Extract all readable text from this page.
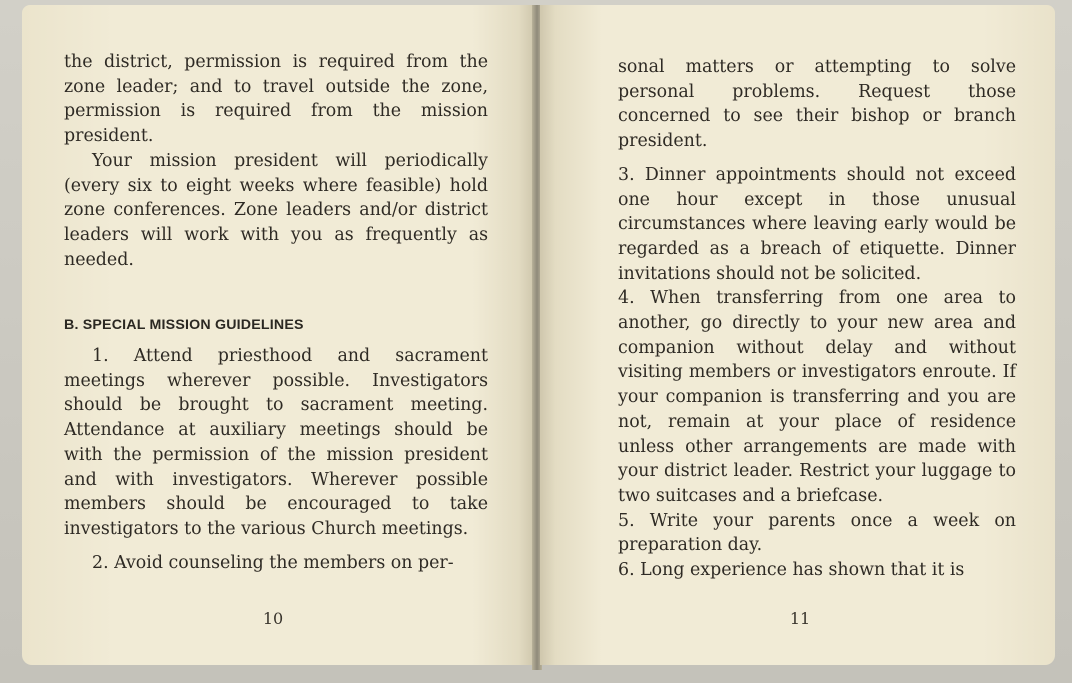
the district, permission is required from the zone leader; and to travel outside the zone, permission is required from the mission president.

Your mission president will periodically (every six to eight weeks where feasible) hold zone conferences. Zone leaders and/or district leaders will work with you as frequently as needed.

B. SPECIAL MISSION GUIDELINES

1. Attend priesthood and sacrament meetings wherever possible. Investigators should be brought to sacrament meeting. Attendance at auxiliary meetings should be with the permission of the mission president and with investigators. Wherever possible members should be encouraged to take investigators to the various Church meetings.

2. Avoid counseling the members on per-

10

sonal matters or attempting to solve personal problems. Request those concerned to see their bishop or branch president.

3. Dinner appointments should not exceed one hour except in those unusual circumstances where leaving early would be regarded as a breach of etiquette. Dinner invitations should not be solicited.

4. When transferring from one area to another, go directly to your new area and companion without delay and without visiting members or investigators enroute. If your companion is transferring and you are not, remain at your place of residence unless other arrangements are made with your district leader. Restrict your luggage to two suitcases and a briefcase.

5. Write your parents once a week on preparation day.

6. Long experience has shown that it is

11
